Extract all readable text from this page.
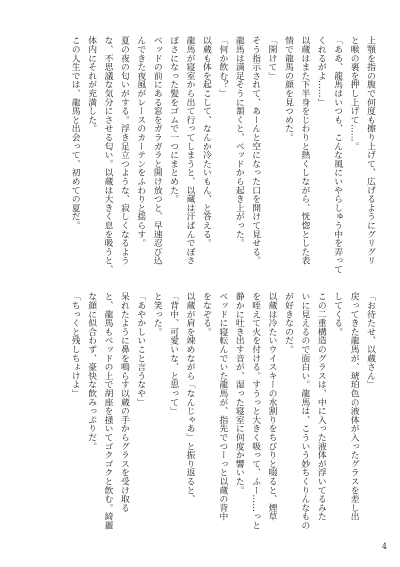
上顎を指の腹で何度も擦り上げて、広げるようにグリグリ
と喉の裏を押し上げて……。
「ああ、龍馬はいつも、こんな風にいやらしゅう中を弄って
くれるがよ……」
以蔵はまた下半身をじわりと熱くしながら、恍惚とした表
情で龍馬の顔を見つめた。
「開けて」
そう指示されて、あーんと空になった口を開けて見せる。
龍馬は満足そうに頷くと、ベッドから起き上がった。
「何か飲む？」
以蔵も体を起こして、なんか冷たいもん、と答える。
龍馬が寝室から出て行ってしまうと、以蔵は汗ばんでぼさ
ぼさになった髪をゴムで一つにまとめた。
ベッドの前にある窓をガラガラと開け放つと、早速忍び込
んできた夜風がレースのカーテンをふわりと揺らす。
夏の夜の匂いがする。浮き足立つような、寂しくなるよう
な、不思議な気分にさせる匂い。以蔵は大きく息を吸うと、
体内にそれが充満した。
この人生では、龍馬と出会って、初めての夏だ。
「お待たせ、以蔵さん」
戻ってきた龍馬が、琥珀色の液体が入ったグラスを差し出
してくる。
この二重構造のグラスは、中に入った液体が浮いてるみた
いに見えるので面白い。龍馬は、こういう妙ちくりんなもの
が好きなのだ。
以蔵は冷たいウイスキーの水割りをちびりと啜ると、煙草
を咥えて火を付ける。すうっと大きく吸って、ふー……っと
静かに吐き出す音が、湿った寝室に何度か響いた。
ベッドに寝転んでいた龍馬が、指先でつーっと以蔵の背中
をなぞる。
以蔵が肩を竦めながら「なんじゃあ」と振り返ると、
「背中、可愛いな、と思って」
と笑った。
「あやかしいこと言うなや」
呆れたように鼻を鳴らす以蔵の手からグラスを受け取る
と、龍馬もベッドの上で胡座を掻いてゴクゴクと飲む。綺麗
な顔に似合わず、豪快な飲みっぷりだ。
「ちっくと残しちょけよ」
4
